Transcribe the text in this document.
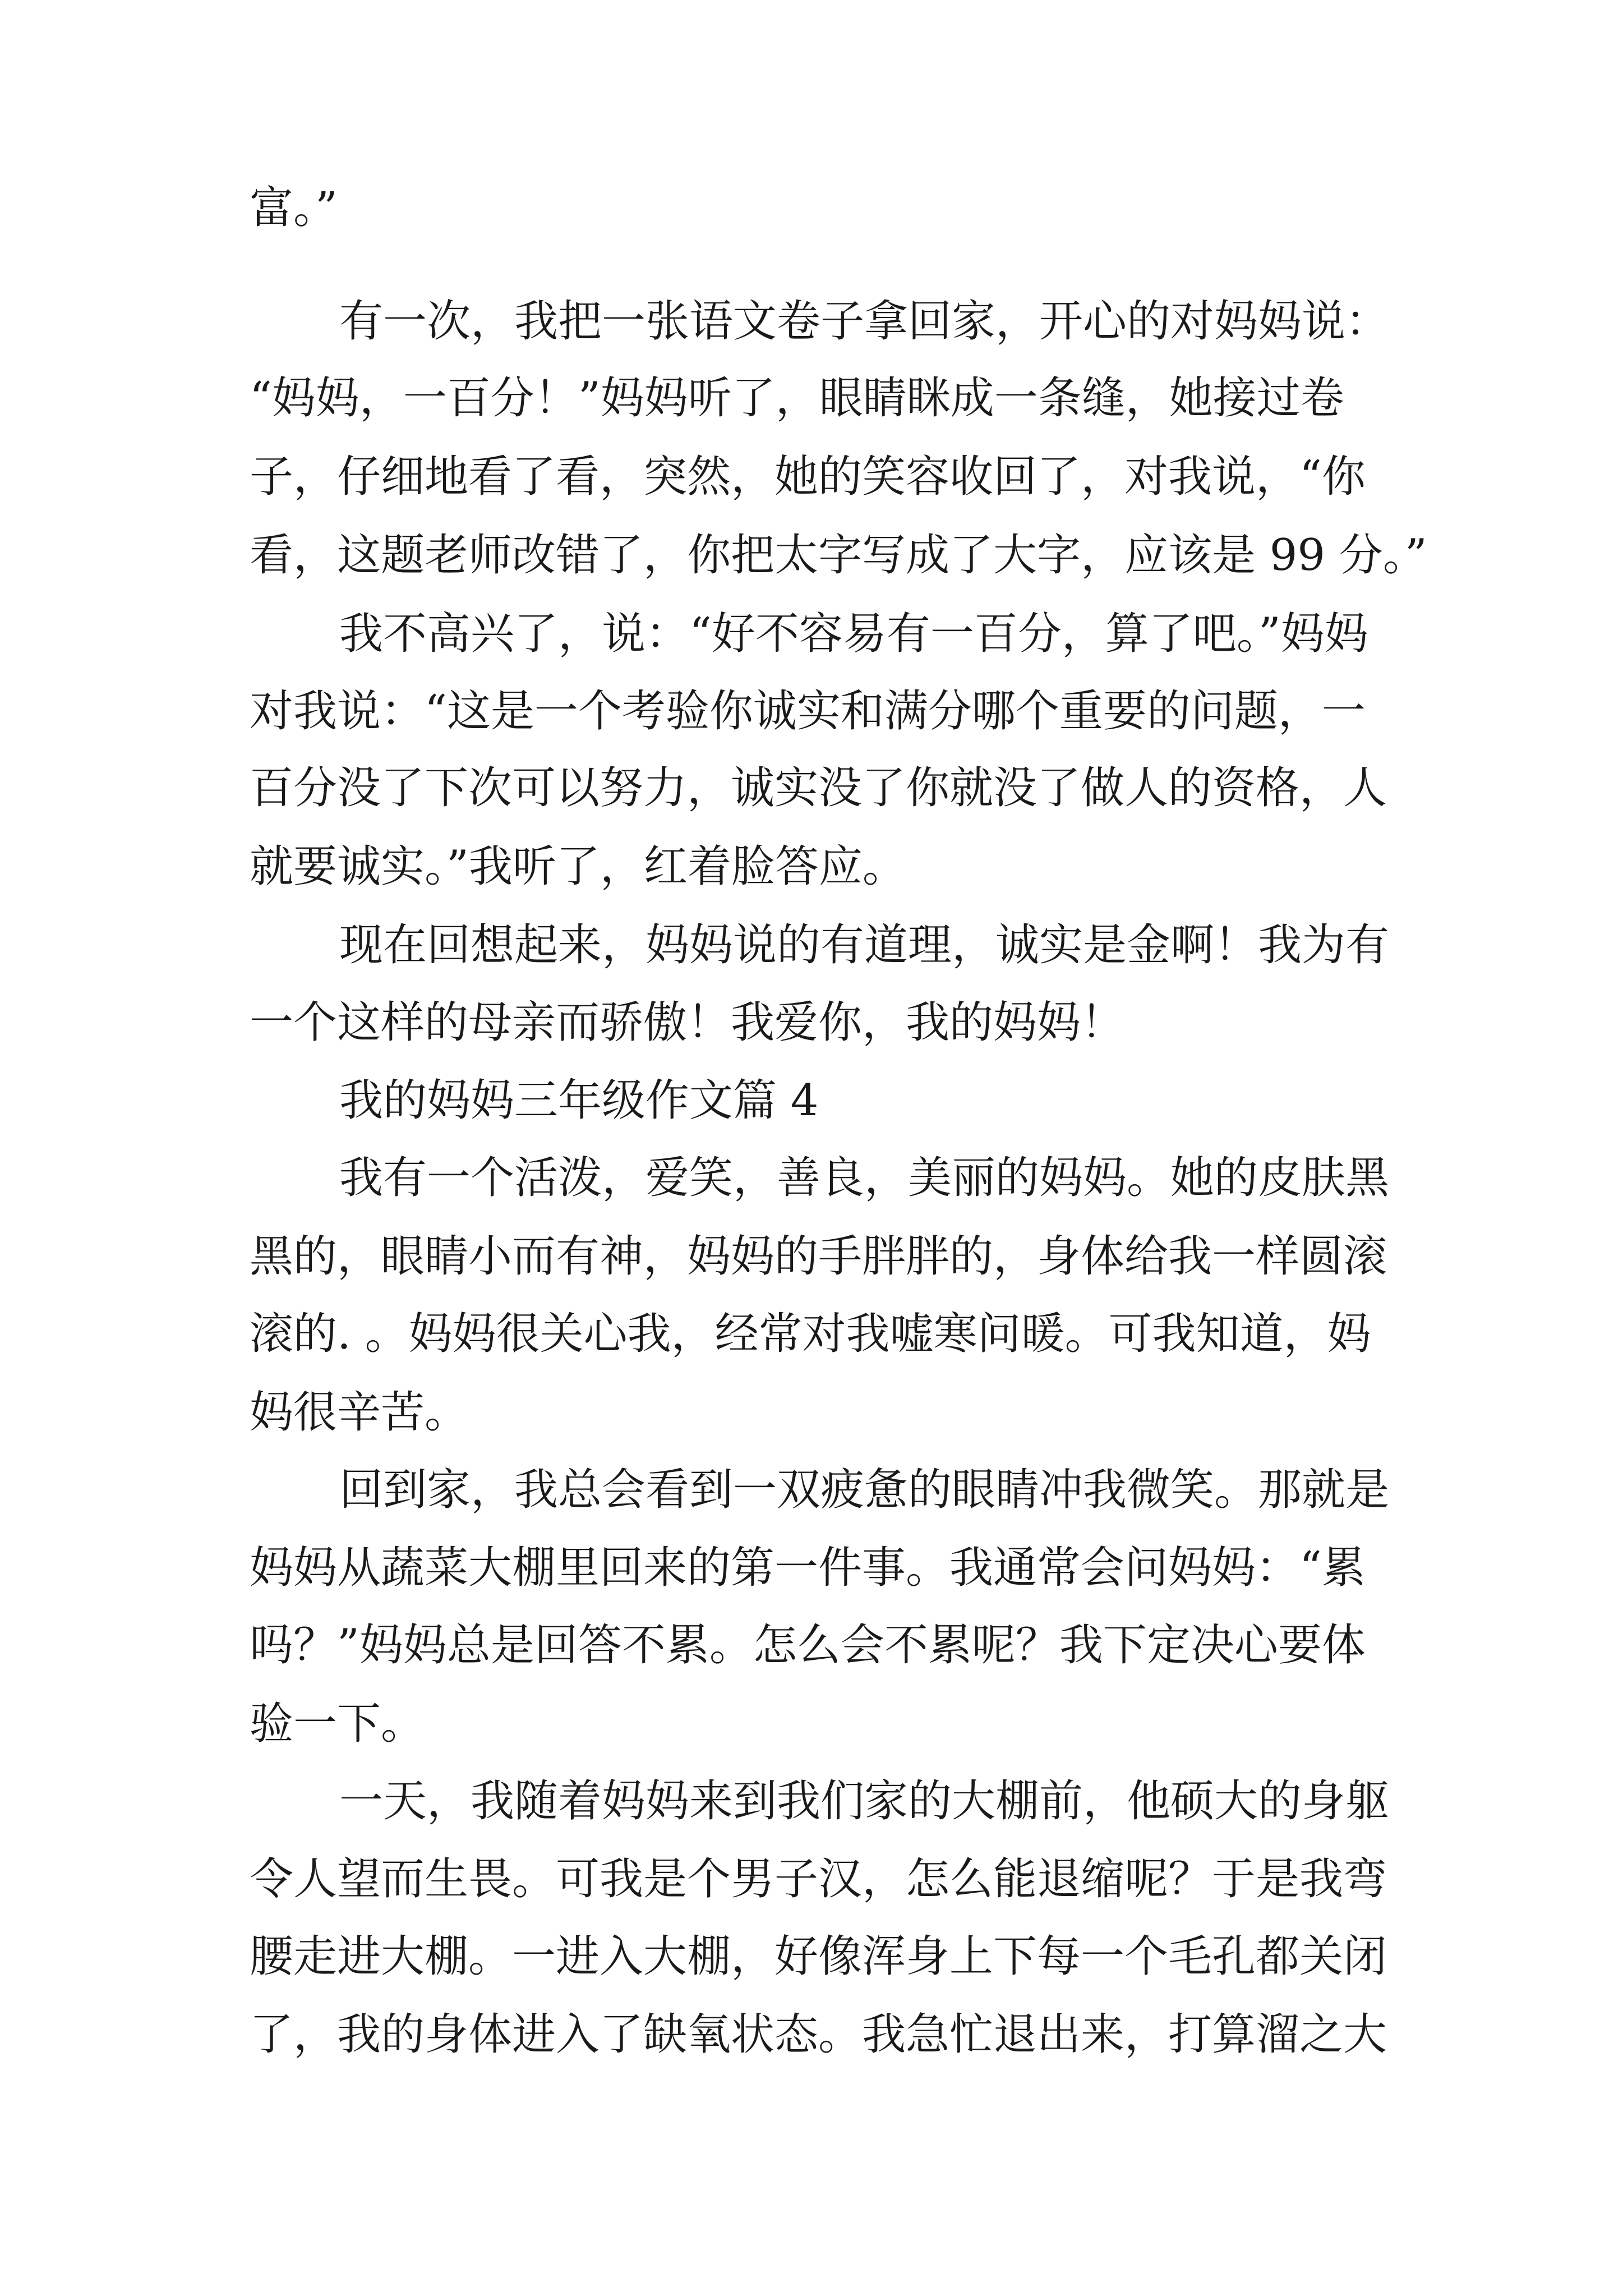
富。”
有一次，我把一张语文卷子拿回家，开心的对妈妈说：
“妈妈，一百分！”妈妈听了，眼睛眯成一条缝，她接过卷
子，仔细地看了看，突然，她的笑容收回了，对我说，“你
看，这题老师改错了，你把太字写成了大字，应该是 99 分。”
我不高兴了，说：“好不容易有一百分，算了吧。”妈妈
对我说：“这是一个考验你诚实和满分哪个重要的问题，一
百分没了下次可以努力，诚实没了你就没了做人的资格，人
就要诚实。”我听了，红着脸答应。
现在回想起来，妈妈说的有道理，诚实是金啊！我为有
一个这样的母亲而骄傲！我爱你，我的妈妈！
我的妈妈三年级作文篇 4
我有一个活泼，爱笑，善良，美丽的妈妈。她的皮肤黑
黑的，眼睛小而有神，妈妈的手胖胖的，身体给我一样圆滚
滚的. 。妈妈很关心我，经常对我嘘寒问暖。可我知道，妈
妈很辛苦。
回到家，我总会看到一双疲惫的眼睛冲我微笑。那就是
妈妈从蔬菜大棚里回来的第一件事。我通常会问妈妈：“累
吗？”妈妈总是回答不累。怎么会不累呢？我下定决心要体
验一下。
一天，我随着妈妈来到我们家的大棚前，他硕大的身躯
令人望而生畏。可我是个男子汉，怎么能退缩呢？于是我弯
腰走进大棚。一进入大棚，好像浑身上下每一个毛孔都关闭
了，我的身体进入了缺氧状态。我急忙退出来，打算溜之大
